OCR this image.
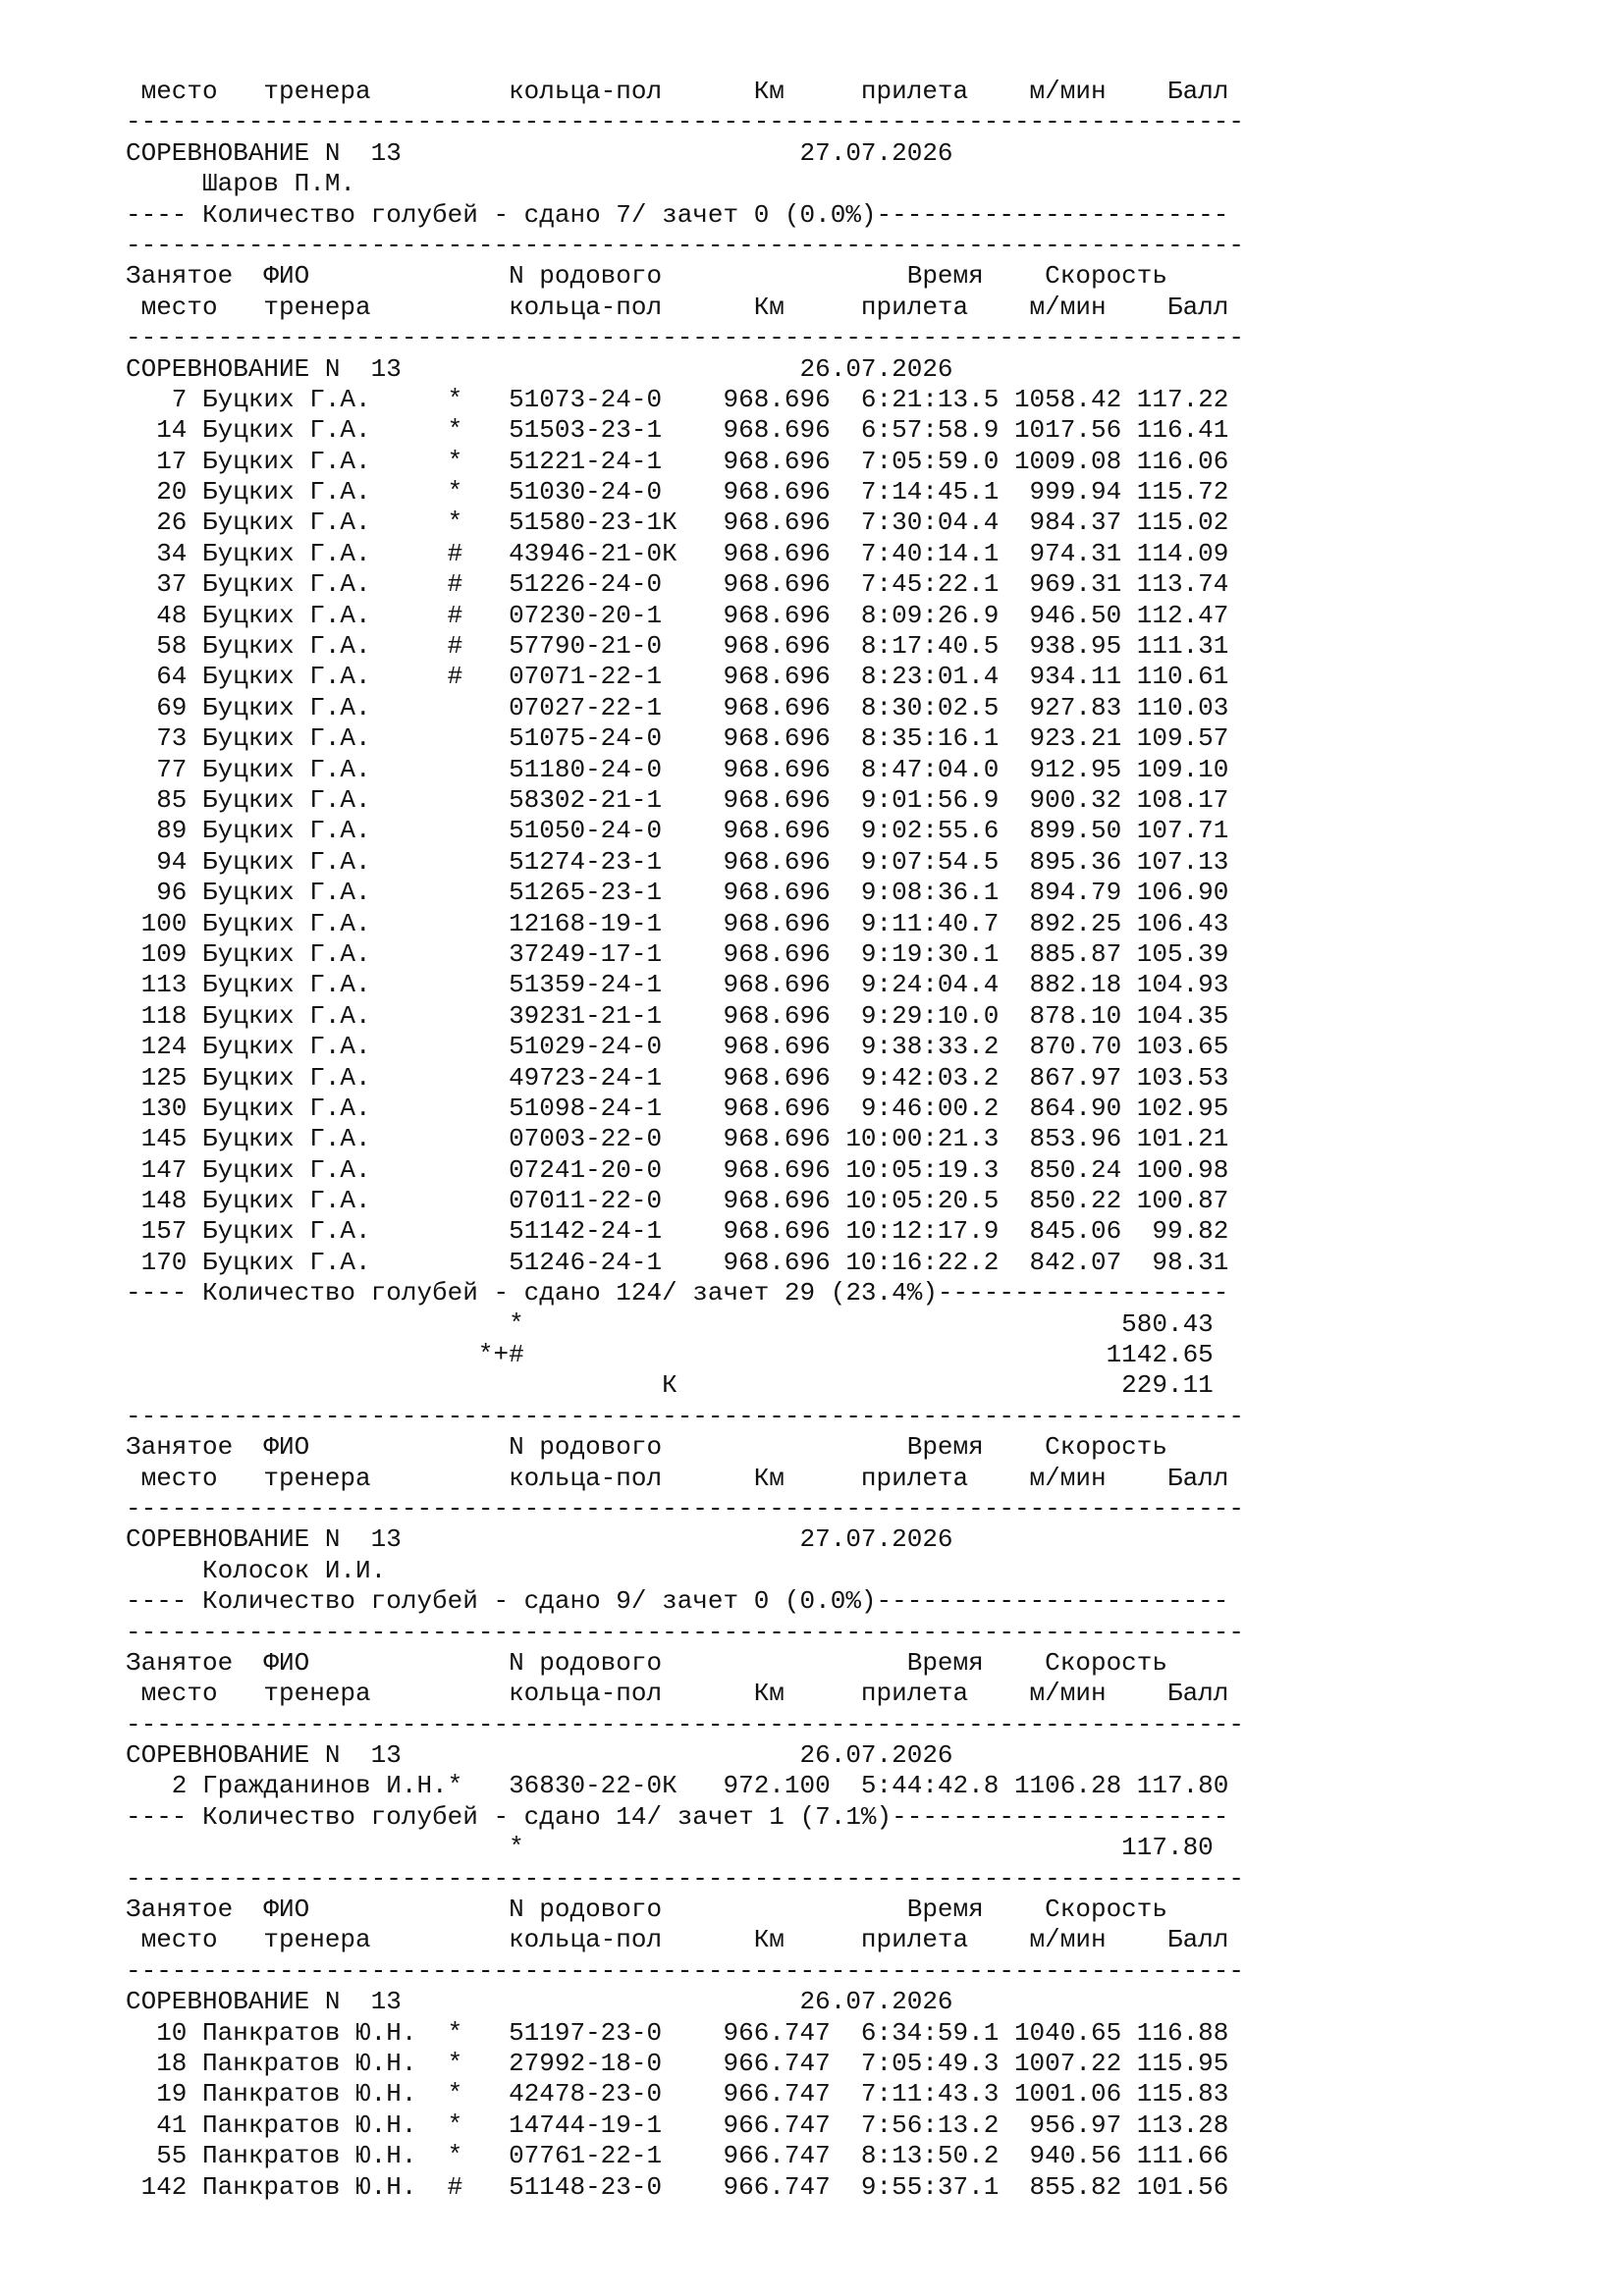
место   тренера         кольца-пол      Км     прилета    м/мин    Балл
-------------------------------------------------------------------------
СОРЕВНОВАНИЕ N  13                          27.07.2026
Шаров П.М.
---- Количество голубей - сдано 7/ зачет 0 (0.0%)-----------------------
-------------------------------------------------------------------------
Занятое  ФИО             N родового                Время    Скорость
место   тренера         кольца-пол      Км     прилета    м/мин    Балл
-------------------------------------------------------------------------
СОРЕВНОВАНИЕ N  13                          26.07.2026
7 Буцких Г.А.     *   51073-24-0    968.696  6:21:13.5 1058.42 117.22
14 Буцких Г.А.     *   51503-23-1    968.696  6:57:58.9 1017.56 116.41
17 Буцких Г.А.     *   51221-24-1    968.696  7:05:59.0 1009.08 116.06
20 Буцких Г.А.     *   51030-24-0    968.696  7:14:45.1  999.94 115.72
26 Буцких Г.А.     *   51580-23-1К   968.696  7:30:04.4  984.37 115.02
34 Буцких Г.А.     #   43946-21-0К   968.696  7:40:14.1  974.31 114.09
37 Буцких Г.А.     #   51226-24-0    968.696  7:45:22.1  969.31 113.74
48 Буцких Г.А.     #   07230-20-1    968.696  8:09:26.9  946.50 112.47
58 Буцких Г.А.     #   57790-21-0    968.696  8:17:40.5  938.95 111.31
64 Буцких Г.А.     #   07071-22-1    968.696  8:23:01.4  934.11 110.61
69 Буцких Г.А.         07027-22-1    968.696  8:30:02.5  927.83 110.03
73 Буцких Г.А.         51075-24-0    968.696  8:35:16.1  923.21 109.57
77 Буцких Г.А.         51180-24-0    968.696  8:47:04.0  912.95 109.10
85 Буцких Г.А.         58302-21-1    968.696  9:01:56.9  900.32 108.17
89 Буцких Г.А.         51050-24-0    968.696  9:02:55.6  899.50 107.71
94 Буцких Г.А.         51274-23-1    968.696  9:07:54.5  895.36 107.13
96 Буцких Г.А.         51265-23-1    968.696  9:08:36.1  894.79 106.90
100 Буцких Г.А.         12168-19-1    968.696  9:11:40.7  892.25 106.43
109 Буцких Г.А.         37249-17-1    968.696  9:19:30.1  885.87 105.39
113 Буцких Г.А.         51359-24-1    968.696  9:24:04.4  882.18 104.93
118 Буцких Г.А.         39231-21-1    968.696  9:29:10.0  878.10 104.35
124 Буцких Г.А.         51029-24-0    968.696  9:38:33.2  870.70 103.65
125 Буцких Г.А.         49723-24-1    968.696  9:42:03.2  867.97 103.53
130 Буцких Г.А.         51098-24-1    968.696  9:46:00.2  864.90 102.95
145 Буцких Г.А.         07003-22-0    968.696 10:00:21.3  853.96 101.21
147 Буцких Г.А.         07241-20-0    968.696 10:05:19.3  850.24 100.98
148 Буцких Г.А.         07011-22-0    968.696 10:05:20.5  850.22 100.87
157 Буцких Г.А.         51142-24-1    968.696 10:12:17.9  845.06  99.82
170 Буцких Г.А.         51246-24-1    968.696 10:16:22.2  842.07  98.31
---- Количество голубей - сдано 124/ зачет 29 (23.4%)-------------------
*                                       580.43
*+#                                      1142.65
К                             229.11
-------------------------------------------------------------------------
Занятое  ФИО             N родового                Время    Скорость
место   тренера         кольца-пол      Км     прилета    м/мин    Балл
-------------------------------------------------------------------------
СОРЕВНОВАНИЕ N  13                          27.07.2026
Колосок И.И.
---- Количество голубей - сдано 9/ зачет 0 (0.0%)-----------------------
-------------------------------------------------------------------------
Занятое  ФИО             N родового                Время    Скорость
место   тренера         кольца-пол      Км     прилета    м/мин    Балл
-------------------------------------------------------------------------
СОРЕВНОВАНИЕ N  13                          26.07.2026
2 Гражданинов И.Н.*   36830-22-0К   972.100  5:44:42.8 1106.28 117.80
---- Количество голубей - сдано 14/ зачет 1 (7.1%)----------------------
*                                       117.80
-------------------------------------------------------------------------
Занятое  ФИО             N родового                Время    Скорость
место   тренера         кольца-пол      Км     прилета    м/мин    Балл
-------------------------------------------------------------------------
СОРЕВНОВАНИЕ N  13                          26.07.2026
10 Панкратов Ю.Н.  *   51197-23-0    966.747  6:34:59.1 1040.65 116.88
18 Панкратов Ю.Н.  *   27992-18-0    966.747  7:05:49.3 1007.22 115.95
19 Панкратов Ю.Н.  *   42478-23-0    966.747  7:11:43.3 1001.06 115.83
41 Панкратов Ю.Н.  *   14744-19-1    966.747  7:56:13.2  956.97 113.28
55 Панкратов Ю.Н.  *   07761-22-1    966.747  8:13:50.2  940.56 111.66
142 Панкратов Ю.Н.  #   51148-23-0    966.747  9:55:37.1  855.82 101.56
